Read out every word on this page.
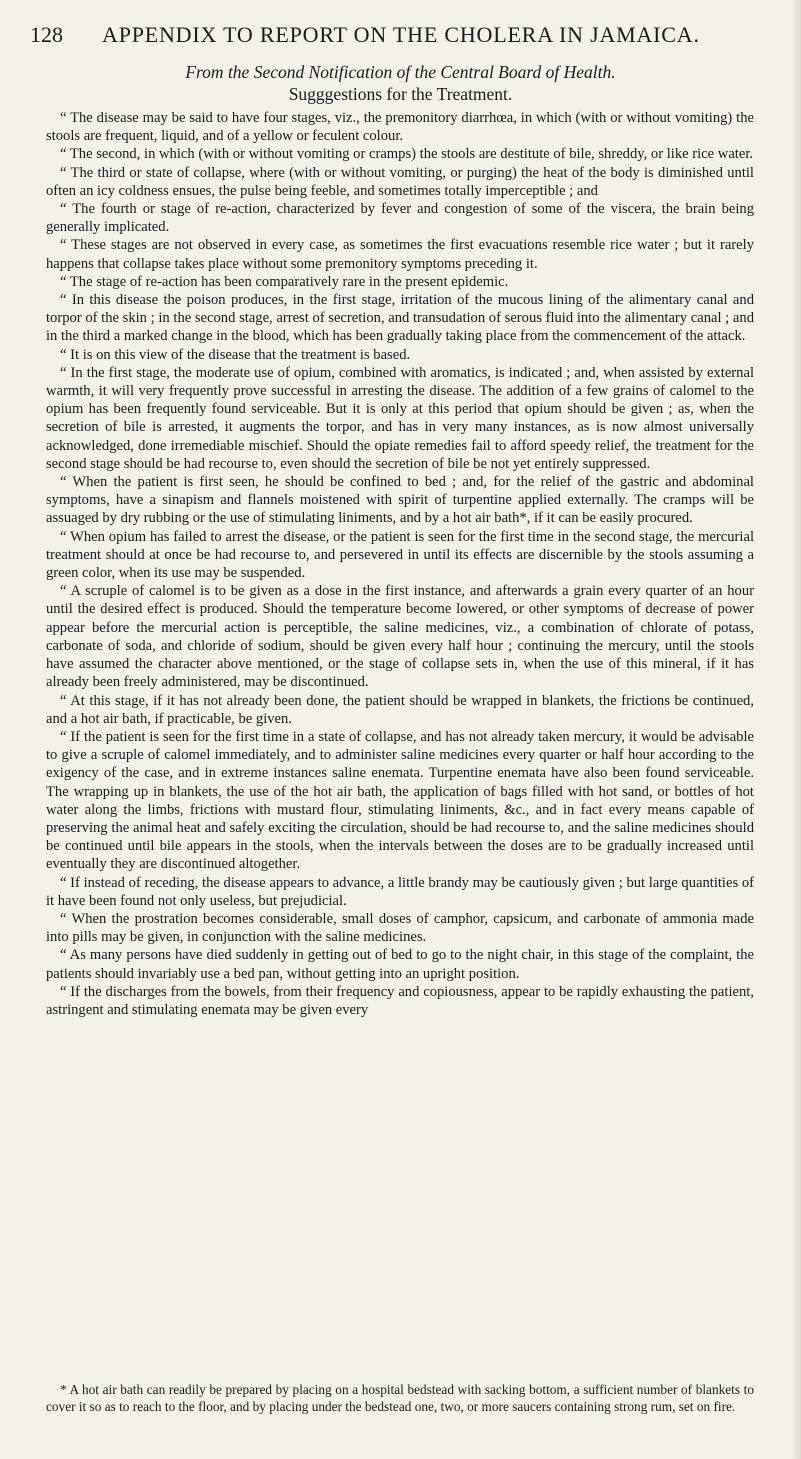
128 APPENDIX TO REPORT ON THE CHOLERA IN JAMAICA.
From the Second Notification of the Central Board of Health.
Sugggestions for the Treatment.

“ The disease may be said to have four stages, viz., the premonitory diarrhœa, in which (with or without vomiting) the stools are frequent, liquid, and of a yellow or feculent colour.

“ The second, in which (with or without vomiting or cramps) the stools are destitute of bile, shreddy, or like rice water.

“ The third or state of collapse, where (with or without vomiting, or purging) the heat of the body is diminished until often an icy coldness ensues, the pulse being feeble, and sometimes totally imperceptible ; and

“ The fourth or stage of re-action, characterized by fever and congestion of some of the viscera, the brain being generally implicated.

“ These stages are not observed in every case, as sometimes the first evacuations resemble rice water ; but it rarely happens that collapse takes place without some premonitory symptoms preceding it.

“ The stage of re-action has been comparatively rare in the present epidemic.

“ In this disease the poison produces, in the first stage, irritation of the mucous lining of the alimentary canal and torpor of the skin ; in the second stage, arrest of secretion, and transudation of serous fluid into the alimentary canal ; and in the third a marked change in the blood, which has been gradually taking place from the commencement of the attack.

“ It is on this view of the disease that the treatment is based.

“ In the first stage, the moderate use of opium, combined with aromatics, is indicated ; and, when assisted by external warmth, it will very frequently prove successful in arresting the disease. The addition of a few grains of calomel to the opium has been frequently found serviceable. But it is only at this period that opium should be given ; as, when the secretion of bile is arrested, it augments the torpor, and has in very many instances, as is now almost universally acknowledged, done irremediable mischief. Should the opiate remedies fail to afford speedy relief, the treatment for the second stage should be had recourse to, even should the secretion of bile be not yet entirely suppressed.

“ When the patient is first seen, he should be confined to bed ; and, for the relief of the gastric and abdominal symptoms, have a sinapism and flannels moistened with spirit of turpentine applied externally. The cramps will be assuaged by dry rubbing or the use of stimulating liniments, and by a hot air bath*, if it can be easily procured.

“ When opium has failed to arrest the disease, or the patient is seen for the first time in the second stage, the mercurial treatment should at once be had recourse to, and persevered in until its effects are discernible by the stools assuming a green color, when its use may be suspended.

“ A scruple of calomel is to be given as a dose in the first instance, and afterwards a grain every quarter of an hour until the desired effect is produced. Should the temperature become lowered, or other symptoms of decrease of power appear before the mercurial action is perceptible, the saline medicines, viz., a combination of chlorate of potass, carbonate of soda, and chloride of sodium, should be given every half hour ; continuing the mercury, until the stools have assumed the character above mentioned, or the stage of collapse sets in, when the use of this mineral, if it has already been freely administered, may be discontinued.

“ At this stage, if it has not already been done, the patient should be wrapped in blankets, the frictions be continued, and a hot air bath, if practicable, be given.

“ If the patient is seen for the first time in a state of collapse, and has not already taken mercury, it would be advisable to give a scruple of calomel immediately, and to administer saline medicines every quarter or half hour according to the exigency of the case, and in extreme instances saline enemata. Turpentine enemata have also been found serviceable. The wrapping up in blankets, the use of the hot air bath, the application of bags filled with hot sand, or bottles of hot water along the limbs, frictions with mustard flour, stimulating liniments, &c., and in fact every means capable of preserving the animal heat and safely exciting the circulation, should be had recourse to, and the saline medicines should be continued until bile appears in the stools, when the intervals between the doses are to be gradually increased until eventually they are discontinued altogether.

“ If instead of receding, the disease appears to advance, a little brandy may be cautiously given ; but large quantities of it have been found not only useless, but prejudicial.

“ When the prostration becomes considerable, small doses of camphor, capsicum, and carbonate of ammonia made into pills may be given, in conjunction with the saline medicines.

“ As many persons have died suddenly in getting out of bed to go to the night chair, in this stage of the complaint, the patients should invariably use a bed pan, without getting into an upright position.

“ If the discharges from the bowels, from their frequency and copiousness, appear to be rapidly exhausting the patient, astringent and stimulating enemata may be given every

* A hot air bath can readily be prepared by placing on a hospital bedstead with sacking bottom, a sufficient number of blankets to cover it so as to reach to the floor, and by placing under the bedstead one, two, or more saucers containing strong rum, set on fire.
